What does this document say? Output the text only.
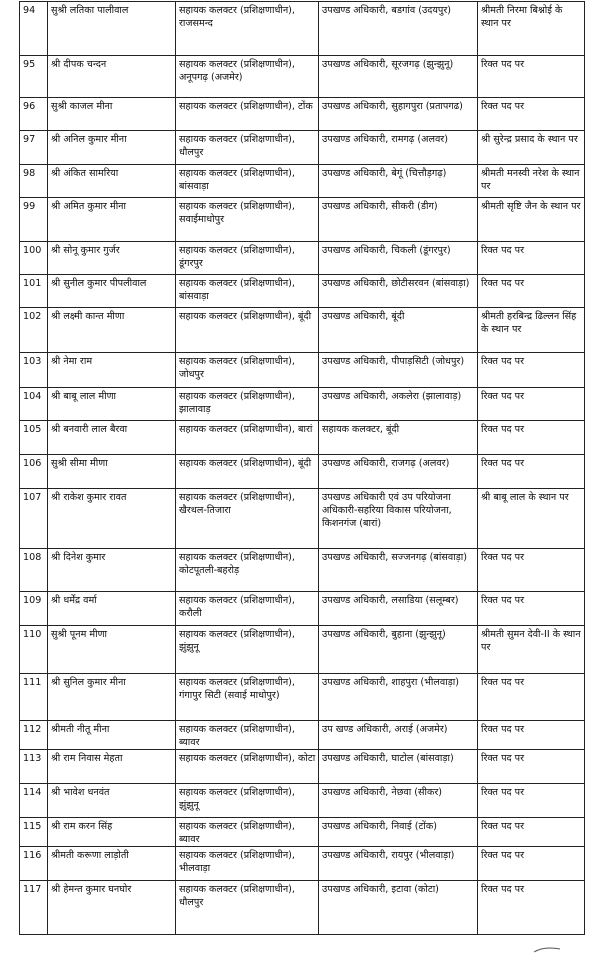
94	सुश्री लतिका पालीवाल	सहायक कलक्टर (प्रशिक्षणाधीन), राजसमन्द	उपखण्ड अधिकारी, बडगांव (उदयपुर)	श्रीमती निरमा बिश्नोई के स्थान पर
95	श्री दीपक चन्दन	सहायक कलक्टर (प्रशिक्षणाधीन), अनूपगढ़ (अजमेर)	उपखण्ड अधिकारी, सूरजगढ़ (झुन्झुनू)	रिक्त पद पर
96	सुश्री काजल मीना	सहायक कलक्टर (प्रशिक्षणाधीन), टोंक	उपखण्ड अधिकारी, सुहागपुरा (प्रतापगढ)	रिक्त पद पर
97	श्री अनिल कुमार मीना	सहायक कलक्टर (प्रशिक्षणाधीन), धौलपुर	उपखण्ड अधिकारी, रामगढ़ (अलवर)	श्री सुरेन्द्र प्रसाद के स्थान पर
98	श्री अंकित सामरिया	सहायक कलक्टर (प्रशिक्षणाधीन), बांसवाड़ा	उपखण्ड अधिकारी, बेगूं (चित्तौड़गढ़)	श्रीमती मनस्वी नरेश के स्थान पर
99	श्री अमित कुमार मीना	सहायक कलक्टर (प्रशिक्षणाधीन), सवाईमाधोपुर	उपखण्ड अधिकारी, सीकरी (डीग)	श्रीमती सृष्टि जैन के स्थान पर
100	श्री सोनू कुमार गुर्जर	सहायक कलक्टर (प्रशिक्षणाधीन), डूंगरपुर	उपखण्ड अधिकारी, चिकली (डूंगरपुर)	रिक्त पद पर
101	श्री सुनील कुमार पीपलीवाल	सहायक कलक्टर (प्रशिक्षणाधीन), बांसवाड़ा	उपखण्ड अधिकारी, छोटीसरवन (बांसवाड़ा)	रिक्त पद पर
102	श्री लक्ष्मी कान्त मीणा	सहायक कलक्टर (प्रशिक्षणाधीन), बूंदी	उपखण्ड अधिकारी, बूंदी	श्रीमती हरबिन्द्र ढिल्लन सिंह के स्थान पर
103	श्री नेमा राम	सहायक कलक्टर (प्रशिक्षणाधीन), जोधपुर	उपखण्ड अधिकारी, पीपाड़सिटी (जोधपुर)	रिक्त पद पर
104	श्री बाबू लाल मीणा	सहायक कलक्टर (प्रशिक्षणाधीन), झालावाड़	उपखण्ड अधिकारी, अकलेरा (झालावाड़)	रिक्त पद पर
105	श्री बनवारी लाल बैरवा	सहायक कलक्टर (प्रशिक्षणाधीन), बारां	सहायक कलक्टर, बूंदी	रिक्त पद पर
106	सुश्री सीमा मीणा	सहायक कलक्टर (प्रशिक्षणाधीन), बूंदी	उपखण्ड अधिकारी, राजगढ़ (अलवर)	रिक्त पद पर
107	श्री राकेश कुमार रावत	सहायक कलक्टर (प्रशिक्षणाधीन), खैरथल-तिजारा	उपखण्ड अधिकारी एवं उप परियोजना अधिकारी-सहरिया विकास परियोजना, किशनगंज (बारां)	श्री बाबू लाल के स्थान पर
108	श्री दिनेश कुमार	सहायक कलक्टर (प्रशिक्षणाधीन), कोटपूतली-बहरोड़	उपखण्ड अधिकारी, सज्जनगढ़ (बांसवाड़ा)	रिक्त पद पर
109	श्री धर्मेंद्र वर्मा	सहायक कलक्टर (प्रशिक्षणाधीन), करौली	उपखण्ड अधिकारी, लसाडिया (सलूम्बर)	रिक्त पद पर
110	सुश्री पूनम मीणा	सहायक कलक्टर (प्रशिक्षणाधीन), झुंझुनू	उपखण्ड अधिकारी, बुहाना (झुन्झुनू)	श्रीमती सुमन देवी-II के स्थान पर
111	श्री सुनिल कुमार मीना	सहायक कलक्टर (प्रशिक्षणाधीन), गंगापुर सिटी (सवाई माधोपुर)	उपखण्ड अधिकारी, शाहपुरा (भीलवाड़ा)	रिक्त पद पर
112	श्रीमती नीतू मीना	सहायक कलक्टर (प्रशिक्षणाधीन), ब्यावर	उप खण्ड अधिकारी, अराई (अजमेर)	रिक्त पद पर
113	श्री राम निवास मेहता	सहायक कलक्टर (प्रशिक्षणाधीन), कोटा	उपखण्ड अधिकारी, घाटोल (बांसवाड़ा)	रिक्त पद पर
114	श्री भावेश धनवंत	सहायक कलक्टर (प्रशिक्षणाधीन), झुंझुनू	उपखण्ड अधिकारी, नेछवा (सीकर)	रिक्त पद पर
115	श्री राम करन सिंह	सहायक कलक्टर (प्रशिक्षणाधीन), ब्यावर	उपखण्ड अधिकारी, निवाई (टोंक)	रिक्त पद पर
116	श्रीमती करूणा लाड़ोती	सहायक कलक्टर (प्रशिक्षणाधीन), भीलवाड़ा	उपखण्ड अधिकारी, रायपुर (भीलवाड़ा)	रिक्त पद पर
117	श्री हेमन्त कुमार घनघोर	सहायक कलक्टर (प्रशिक्षणाधीन), धौलपुर	उपखण्ड अधिकारी, इटावा (कोटा)	रिक्त पद पर
